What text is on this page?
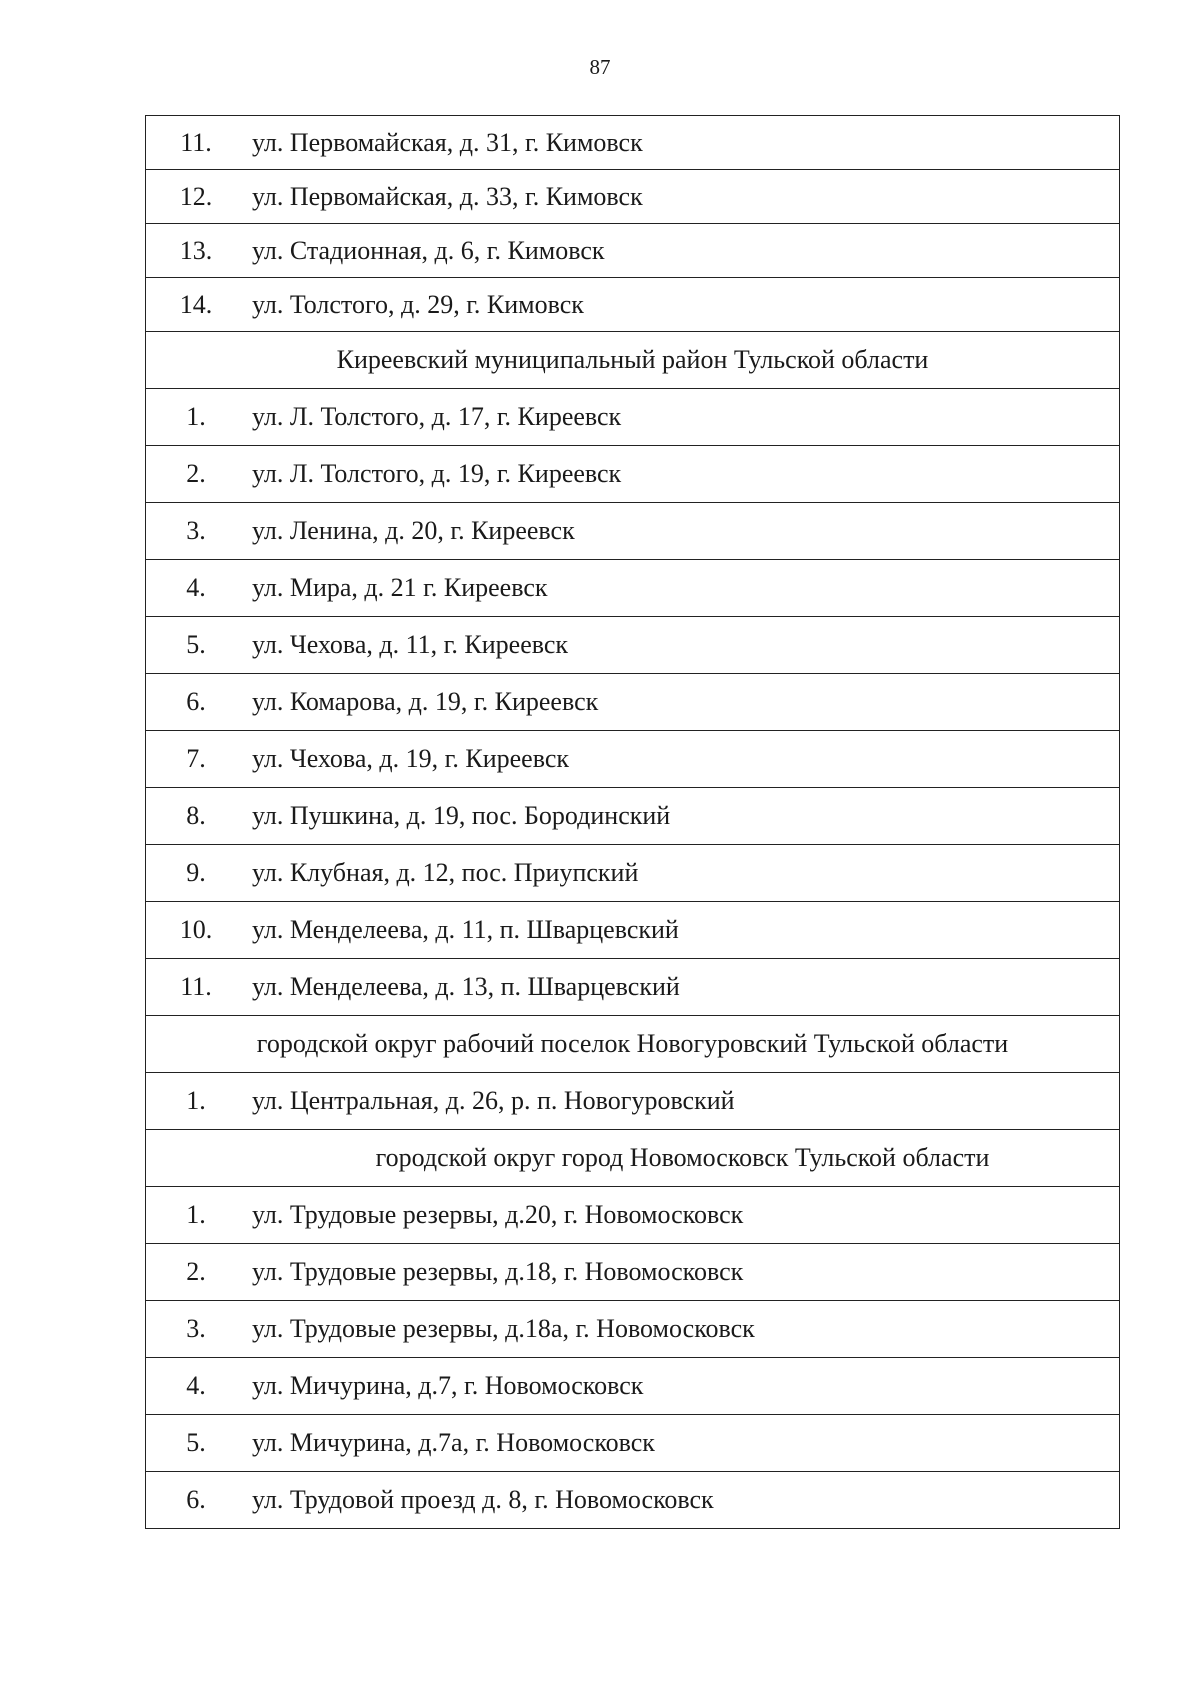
87
11.	ул. Первомайская, д. 31, г. Кимовск
12.	ул. Первомайская, д. 33, г. Кимовск
13.	ул. Стадионная, д. 6, г. Кимовск
14.	ул. Толстого, д. 29, г. Кимовск
Киреевский муниципальный район Тульской области	
1.	ул. Л. Толстого, д. 17, г. Киреевск
2.	ул. Л. Толстого, д. 19, г. Киреевск
3.	ул. Ленина, д. 20, г. Киреевск
4.	ул. Мира, д. 21 г. Киреевск
5.	ул. Чехова, д. 11, г. Киреевск
6.	ул. Комарова, д. 19, г. Киреевск
7.	ул. Чехова, д. 19, г. Киреевск
8.	ул. Пушкина, д. 19, пос. Бородинский
9.	ул. Клубная, д. 12, пос. Приупский
10.	ул. Менделеева, д. 11, п. Шварцевский
11.	ул. Менделеева, д. 13, п. Шварцевский
городской округ рабочий поселок Новогуровский Тульской области	
1.	ул. Центральная, д. 26, р. п. Новогуровский
городской округ город Новомосковск Тульской области	
1.	ул. Трудовые резервы, д.20, г. Новомосковск
2.	ул. Трудовые резервы, д.18, г. Новомосковск
3.	ул. Трудовые резервы, д.18а, г. Новомосковск
4.	ул. Мичурина, д.7, г. Новомосковск
5.	ул. Мичурина, д.7а, г. Новомосковск
6.	ул. Трудовой проезд д. 8, г. Новомосковск
